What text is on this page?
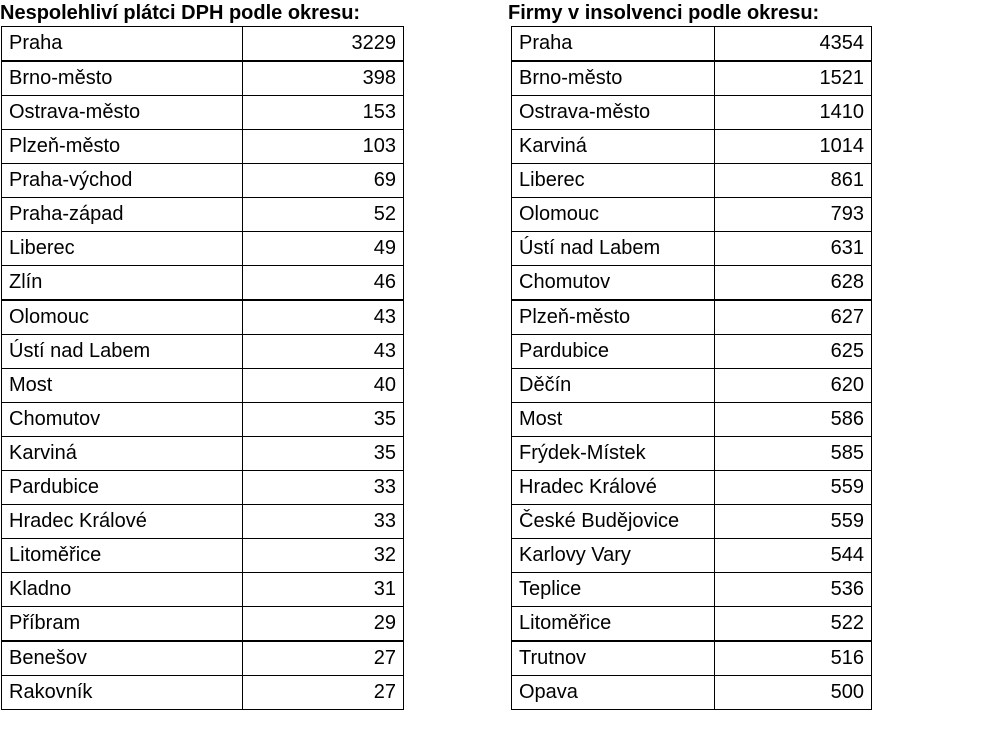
Nespolehliví plátci DPH podle okresu:
Praha	3229
Brno-město	398
Ostrava-město	153
Plzeň-město	103
Praha-východ	69
Praha-západ	52
Liberec	49
Zlín	46
Olomouc	43
Ústí nad Labem	43
Most	40
Chomutov	35
Karviná	35
Pardubice	33
Hradec Králové	33
Litoměřice	32
Kladno	31
Příbram	29
Benešov	27
Rakovník	27
Firmy v insolvenci podle okresu:
Praha	4354
Brno-město	1521
Ostrava-město	1410
Karviná	1014
Liberec	861
Olomouc	793
Ústí nad Labem	631
Chomutov	628
Plzeň-město	627
Pardubice	625
Děčín	620
Most	586
Frýdek-Místek	585
Hradec Králové	559
České Budějovice	559
Karlovy Vary	544
Teplice	536
Litoměřice	522
Trutnov	516
Opava	500
